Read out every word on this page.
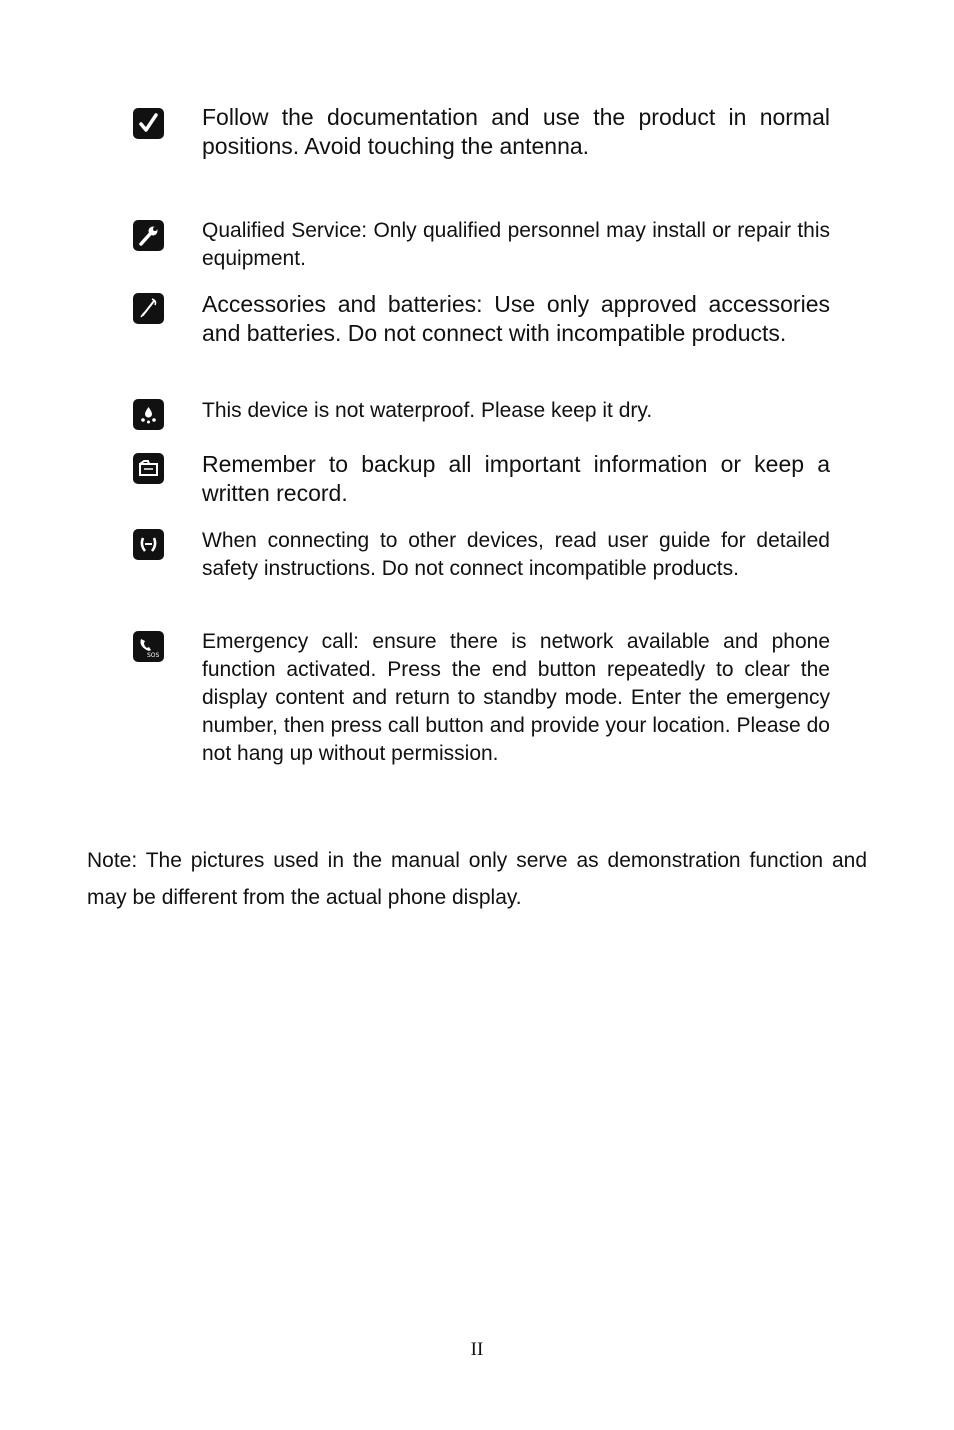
Follow the documentation and use the product in normal positions. Avoid touching the antenna.
Qualified Service: Only qualified personnel may install or repair this equipment.
Accessories and batteries: Use only approved accessories and batteries. Do not connect with incompatible products.
This device is not waterproof. Please keep it dry.
Remember to backup all important information or keep a written record.
When connecting to other devices, read user guide for detailed safety instructions. Do not connect incompatible products.
SOS
Emergency call: ensure there is network available and phone function activated. Press the end button repeatedly to clear the display content and return to standby mode. Enter the emergency number, then press call button and provide your location. Please do not hang up without permission.
Note: The pictures used in the manual only serve as demonstration function and may be different from the actual phone display.
II
